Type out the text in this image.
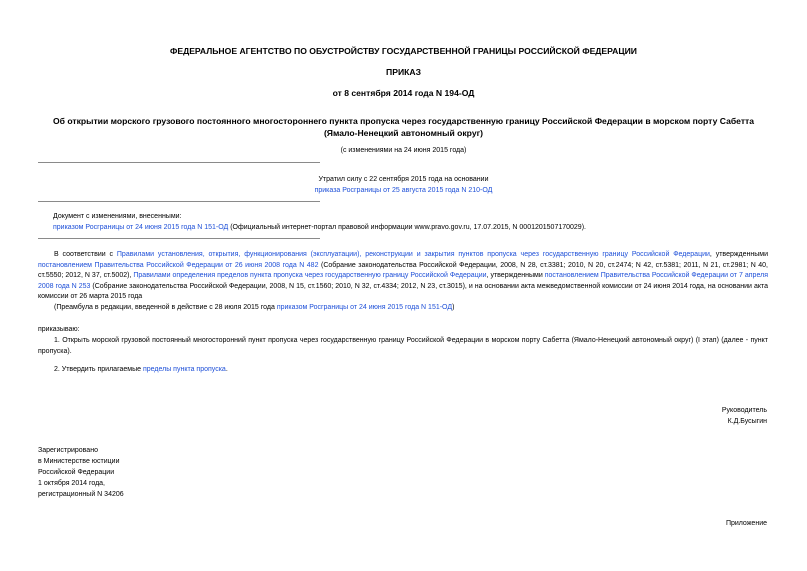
ФЕДЕРАЛЬНОЕ АГЕНТСТВО ПО ОБУСТРОЙСТВУ ГОСУДАРСТВЕННОЙ ГРАНИЦЫ РОССИЙСКОЙ ФЕДЕРАЦИИ
ПРИКАЗ
от 8 сентября 2014 года N 194-ОД
Об открытии морского грузового постоянного многостороннего пункта пропуска через государственную границу Российской Федерации в морском порту Сабетта
(Ямало-Ненецкий автономный округ)
(с изменениями на 24 июня 2015 года)
Утратил силу с 22 сентября 2015 года на основании
приказа Росграницы от 25 августа 2015 года N 210-ОД
Документ с изменениями, внесенными:
приказом Росграницы от 24 июня 2015 года N 151-ОД (Официальный интернет-портал правовой информации www.pravo.gov.ru, 17.07.2015, N 0001201507170029).
В соответствии с Правилами установления, открытия, функционирования (эксплуатации), реконструкции и закрытия пунктов пропуска через государственную границу Российской Федерации, утвержденными постановлением Правительства Российской Федерации от 26 июня 2008 года N 482 (Собрание законодательства Российской Федерации, 2008, N 28, ст.3381; 2010, N 20, ст.2474; N 42, ст.5381; 2011, N 21, ст.2981; N 40, ст.5550; 2012, N 37, ст.5002), Правилами определения пределов пункта пропуска через государственную границу Российской Федерации, утвержденными постановлением Правительства Российской Федерации от 7 апреля 2008 года N 253 (Собрание законодательства Российской Федерации, 2008, N 15, ст.1560; 2010, N 32, ст.4334; 2012, N 23, ст.3015), и на основании акта межведомственной комиссии от 24 июня 2014 года, на основании акта комиссии от 26 марта 2015 года
(Преамбула в редакции, введенной в действие с 28 июля 2015 года приказом Росграницы от 24 июня 2015 года N 151-ОД)
приказываю:
1. Открыть морской грузовой постоянный многосторонний пункт пропуска через государственную границу Российской Федерации в морском порту Сабетта (Ямало-Ненецкий автономный округ) (I этап) (далее - пункт пропуска).
2. Утвердить прилагаемые пределы пункта пропуска.
Руководитель
К.Д.Бусыгин
Зарегистрировано
в Министерстве юстиции
Российской Федерации
1 октября 2014 года,
регистрационный N 34206
Приложение
